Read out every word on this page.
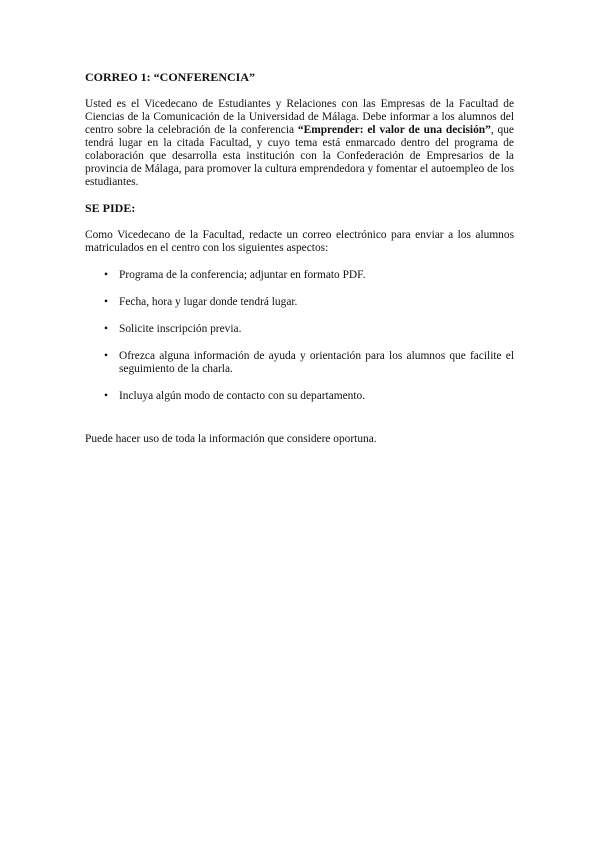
CORREO 1: “CONFERENCIA”

Usted es el Vicedecano de Estudiantes y Relaciones con las Empresas de la Facultad de Ciencias de la Comunicación de la Universidad de Málaga. Debe informar a los alumnos del centro sobre la celebración de la conferencia “Emprender: el valor de una decisión”, que tendrá lugar en la citada Facultad, y cuyo tema está enmarcado dentro del programa de colaboración que desarrolla esta institución con la Confederación de Empresarios de la provincia de Málaga, para promover la cultura emprendedora y fomentar el autoempleo de los estudiantes.

SE PIDE:

Como Vicedecano de la Facultad, redacte un correo electrónico para enviar a los alumnos matriculados en el centro con los siguientes aspectos:

• Programa de la conferencia; adjuntar en formato PDF.
• Fecha, hora y lugar donde tendrá lugar.
• Solicite inscripción previa.
• Ofrezca alguna información de ayuda y orientación para los alumnos que facilite el seguimiento de la charla.
• Incluya algún modo de contacto con su departamento.

Puede hacer uso de toda la información que considere oportuna.
